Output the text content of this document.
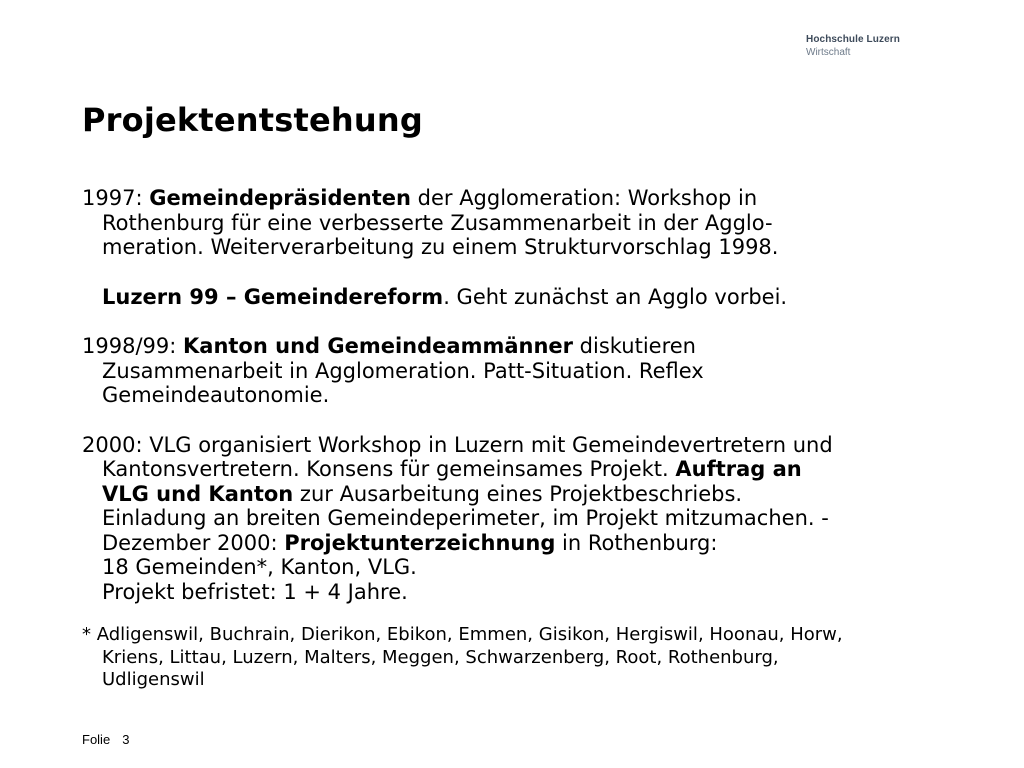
Hochschule Luzern
Wirtschaft
Projektentstehung

1997: Gemeindepräsidenten der Agglomeration: Workshop in
Rothenburg für eine verbesserte Zusammenarbeit in der Agglo-
meration. Weiterverarbeitung zu einem Strukturvorschlag 1998.

Luzern 99 – Gemeindereform. Geht zunächst an Agglo vorbei.

1998/99: Kanton und Gemeindeammänner diskutieren
Zusammenarbeit in Agglomeration. Patt-Situation. Reflex
Gemeindeautonomie.

2000: VLG organisiert Workshop in Luzern mit Gemeindevertretern und
Kantonsvertretern. Konsens für gemeinsames Projekt. Auftrag an
VLG und Kanton zur Ausarbeitung eines Projektbeschriebs.
Einladung an breiten Gemeindeperimeter, im Projekt mitzumachen. -
Dezember 2000: Projektunterzeichnung in Rothenburg:
18 Gemeinden*, Kanton, VLG.
Projekt befristet: 1 + 4 Jahre.

* Adligenswil, Buchrain, Dierikon, Ebikon, Emmen, Gisikon, Hergiswil, Hoonau, Horw,
Kriens, Littau, Luzern, Malters, Meggen, Schwarzenberg, Root, Rothenburg,
Udligenswil

Folie 3
